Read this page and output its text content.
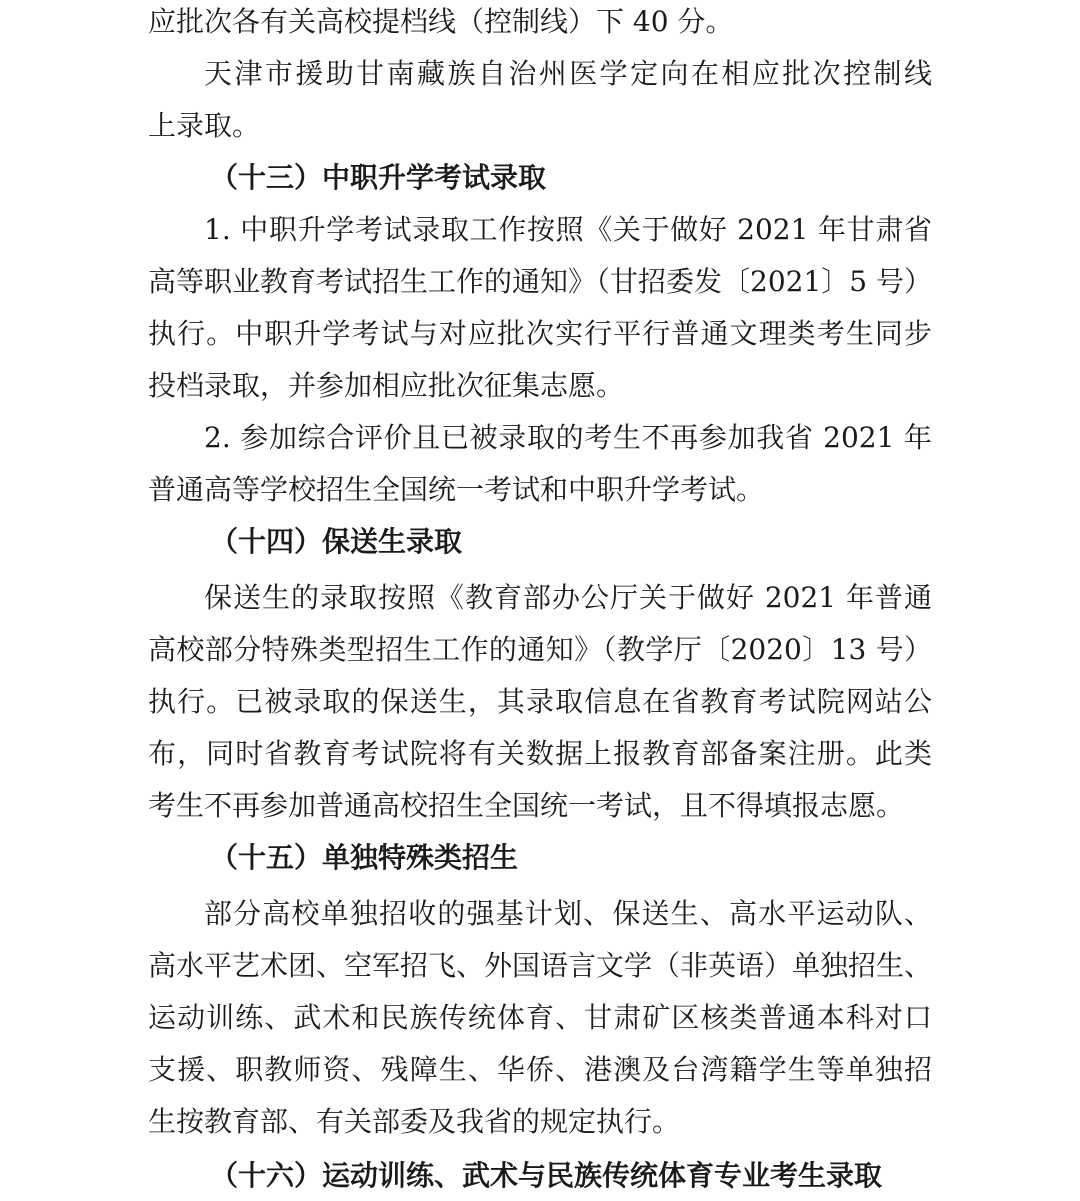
应批次各有关高校提档线（控制线）下 40 分。
天津市援助甘南藏族自治州医学定向在相应批次控制线
上录取。
（十三）中职升学考试录取
1. 中职升学考试录取工作按照《关于做好 2021 年甘肃省
高等职业教育考试招生工作的通知》（甘招委发〔2021〕5 号）
执行。中职升学考试与对应批次实行平行普通文理类考生同步
投档录取，并参加相应批次征集志愿。
2. 参加综合评价且已被录取的考生不再参加我省 2021 年
普通高等学校招生全国统一考试和中职升学考试。
（十四）保送生录取
保送生的录取按照《教育部办公厅关于做好 2021 年普通
高校部分特殊类型招生工作的通知》（教学厅〔2020〕13 号）
执行。已被录取的保送生，其录取信息在省教育考试院网站公
布，同时省教育考试院将有关数据上报教育部备案注册。此类
考生不再参加普通高校招生全国统一考试，且不得填报志愿。
（十五）单独特殊类招生
部分高校单独招收的强基计划、保送生、高水平运动队、
高水平艺术团、空军招飞、外国语言文学（非英语）单独招生、
运动训练、武术和民族传统体育、甘肃矿区核类普通本科对口
支援、职教师资、残障生、华侨、港澳及台湾籍学生等单独招
生按教育部、有关部委及我省的规定执行。
（十六）运动训练、武术与民族传统体育专业考生录取
